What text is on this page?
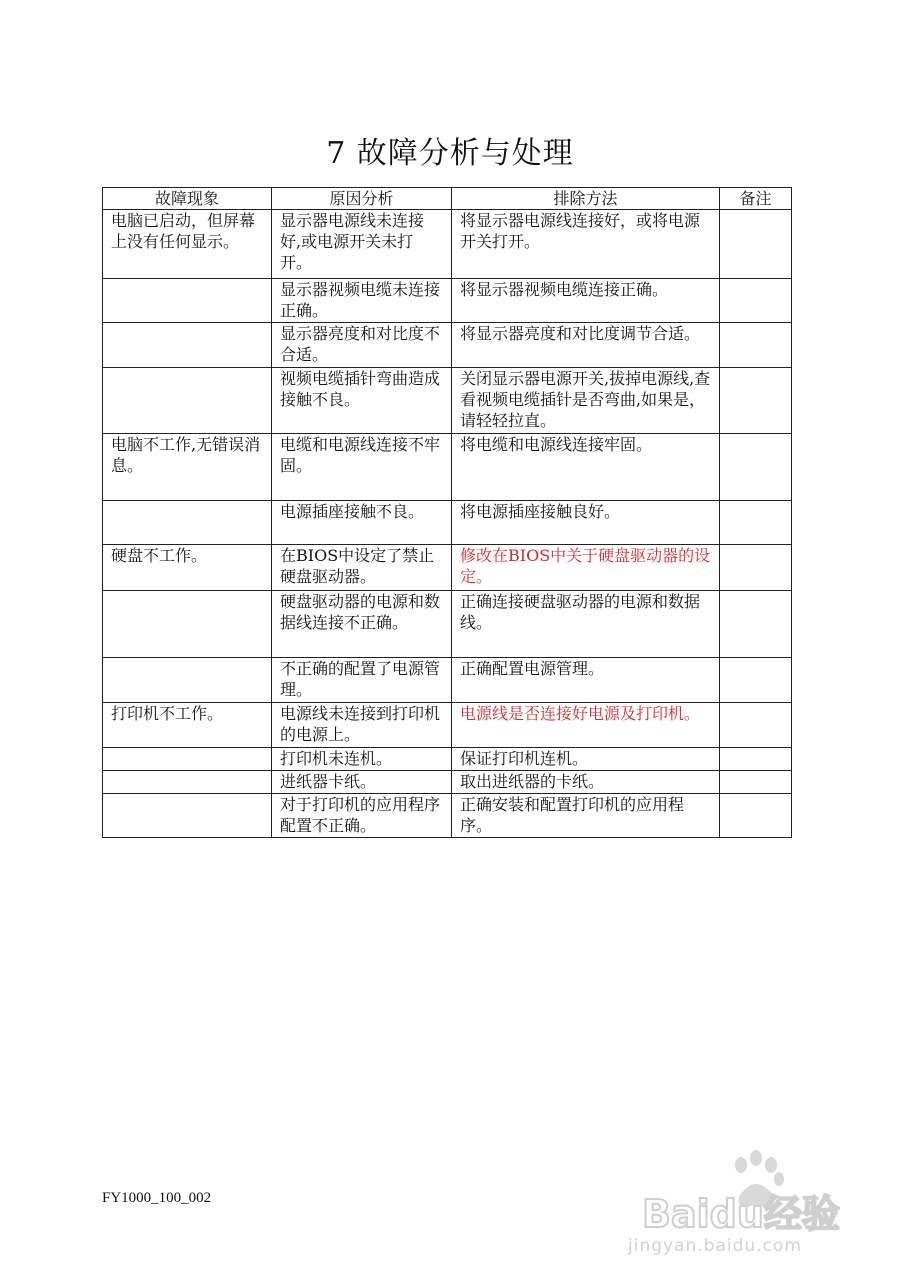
7 故障分析与处理
故障现象	原因分析	排除方法	备注
电脑已启动，但屏幕上没有任何显示。	显示器电源线未连接好,或电源开关未打开。	将显示器电源线连接好，或将电源开关打开。	
	显示器视频电缆未连接正确。	将显示器视频电缆连接正确。	
	显示器亮度和对比度不合适。	将显示器亮度和对比度调节合适。	
	视频电缆插针弯曲造成接触不良。	关闭显示器电源开关,拔掉电源线,查看视频电缆插针是否弯曲,如果是，请轻轻拉直。	
电脑不工作,无错误消息。	电缆和电源线连接不牢固。	将电缆和电源线连接牢固。	
	电源插座接触不良。	将电源插座接触良好。	
硬盘不工作。	在BIOS中设定了禁止硬盘驱动器。	修改在BIOS中关于硬盘驱动器的设定。	
	硬盘驱动器的电源和数据线连接不正确。	正确连接硬盘驱动器的电源和数据线。	
	不正确的配置了电源管理。	正确配置电源管理。	
打印机不工作。	电源线未连接到打印机的电源上。	电源线是否连接好电源及打印机。	
	打印机未连机。	保证打印机连机。	
	进纸器卡纸。	取出进纸器的卡纸。	
	对于打印机的应用程序配置不正确。	正确安装和配置打印机的应用程序。	
FY1000_100_002	Baidu经验
jingyan.baidu.com
